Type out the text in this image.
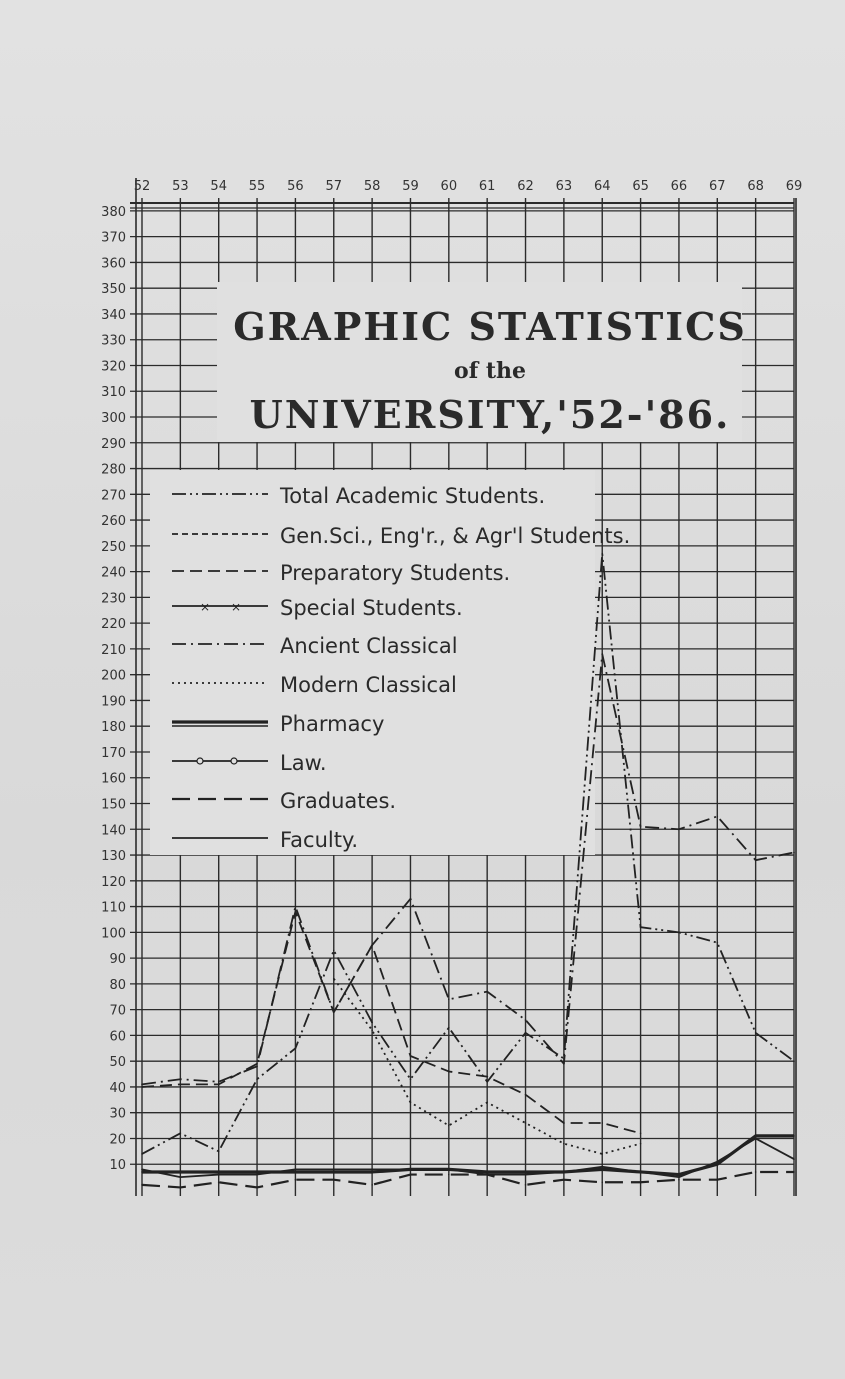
52 53 54 55 56 57 58 59 60 61 62 63 64 65 66 67 68 69
10
20
30
40
50
60
70
80
90
100
110
120
130
140
150
160
170
180
190
200
210
220
230
240
250
260
270
280
290
300
310
320
330
340
350
360
370
380
GRAPHIC STATISTICS
of the
UNIVERSITY,'52-'86.
Total Academic Students.
Gen.Sci., Eng'r., & Agr'l Students.
Preparatory Students.
× × Special Students.
Ancient Classical
Modern Classical
Pharmacy
Law.
Graduates.
Faculty.
